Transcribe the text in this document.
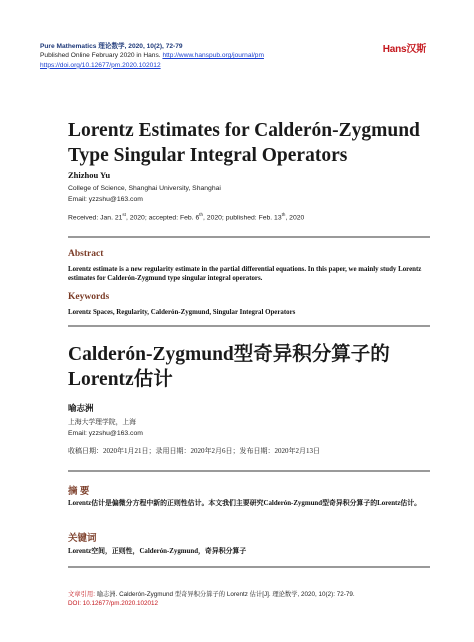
Pure Mathematics 理论数学, 2020, 10(2), 72-79
Published Online February 2020 in Hans. http://www.hanspub.org/journal/pm
https://doi.org/10.12677/pm.2020.102012
Hans汉斯
Lorentz Estimates for Calderón-Zygmund Type Singular Integral Operators
Zhizhou Yu
College of Science, Shanghai University, Shanghai
Email: yzzshu@163.com
Received: Jan. 21st, 2020; accepted: Feb. 6th, 2020; published: Feb. 13th, 2020
Abstract
Lorentz estimate is a new regularity estimate in the partial differential equations. In this paper, we mainly study Lorentz estimates for Calderón-Zygmund type singular integral operators.
Keywords
Lorentz Spaces, Regularity, Calderón-Zygmund, Singular Integral Operators
Calderón-Zygmund型奇异积分算子的Lorentz估计
喻志洲
上海大学理学院，上海
Email: yzzshu@163.com
收稿日期：2020年1月21日；录用日期：2020年2月6日；发布日期：2020年2月13日
摘 要
Lorentz估计是偏微分方程中新的正则性估计。本文我们主要研究Calderón-Zygmund型奇异积分算子的Lorentz估计。
关键词
Lorentz空间，正则性，Calderón-Zygmund，奇异积分算子
文章引用: 喻志洲. Calderón-Zygmund 型奇异积分算子的 Lorentz 估计[J]. 理论数学, 2020, 10(2): 72-79.
DOI: 10.12677/pm.2020.102012
